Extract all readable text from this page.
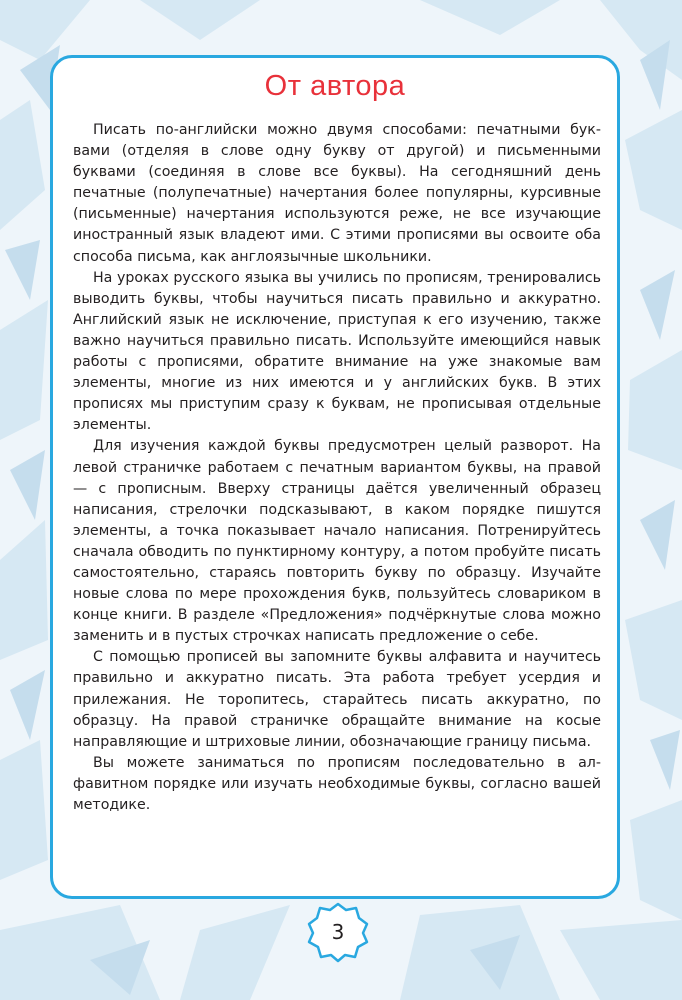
От автора

Писать по-английски можно двумя способами: печатными буквами (отделяя в слове одну букву от другой) и письменными буквами (соединяя в слове все буквы). На сегодняшний день печатные (полупечатные) начертания более популярны, курсивные (письменные) начертания используются реже, не все изучающие иностранный язык владеют ими. С этими прописями вы освоите оба способа письма, как англоязычные школьники.

На уроках русского языка вы учились по прописям, тренировались выводить буквы, чтобы научиться писать правильно и аккуратно. Английский язык не исключение, приступая к его изучению, также важно научиться правильно писать. Используйте имеющийся навык работы с прописями, обратите внимание на уже знакомые вам элементы, многие из них имеются и у английских букв. В этих прописях мы приступим сразу к буквам, не прописывая отдельные элементы.

Для изучения каждой буквы предусмотрен целый разворот. На левой страничке работаем с печатным вариантом буквы, на правой — с прописным. Вверху страницы даётся увеличенный образец написания, стрелочки подсказывают, в каком порядке пишутся элементы, а точка показывает начало написания. Потренируйтесь сначала обводить по пунктирному контуру, а потом пробуйте писать самостоятельно, стараясь повторить букву по образцу. Изучайте новые слова по мере прохождения букв, пользуйтесь словариком в конце книги. В разделе «Предложения» подчёркнутые слова можно заменить и в пустых строчках написать предложение о себе.

С помощью прописей вы запомните буквы алфавита и научитесь правильно и аккуратно писать. Эта работа требует усердия и прилежания. Не торопитесь, старайтесь писать аккуратно, по образцу. На правой страничке обращайте внимание на косые направляющие и штриховые линии, обозначающие границу письма.

Вы можете заниматься по прописям последовательно в алфавитном порядке или изучать необходимые буквы, согласно вашей методике.

3
